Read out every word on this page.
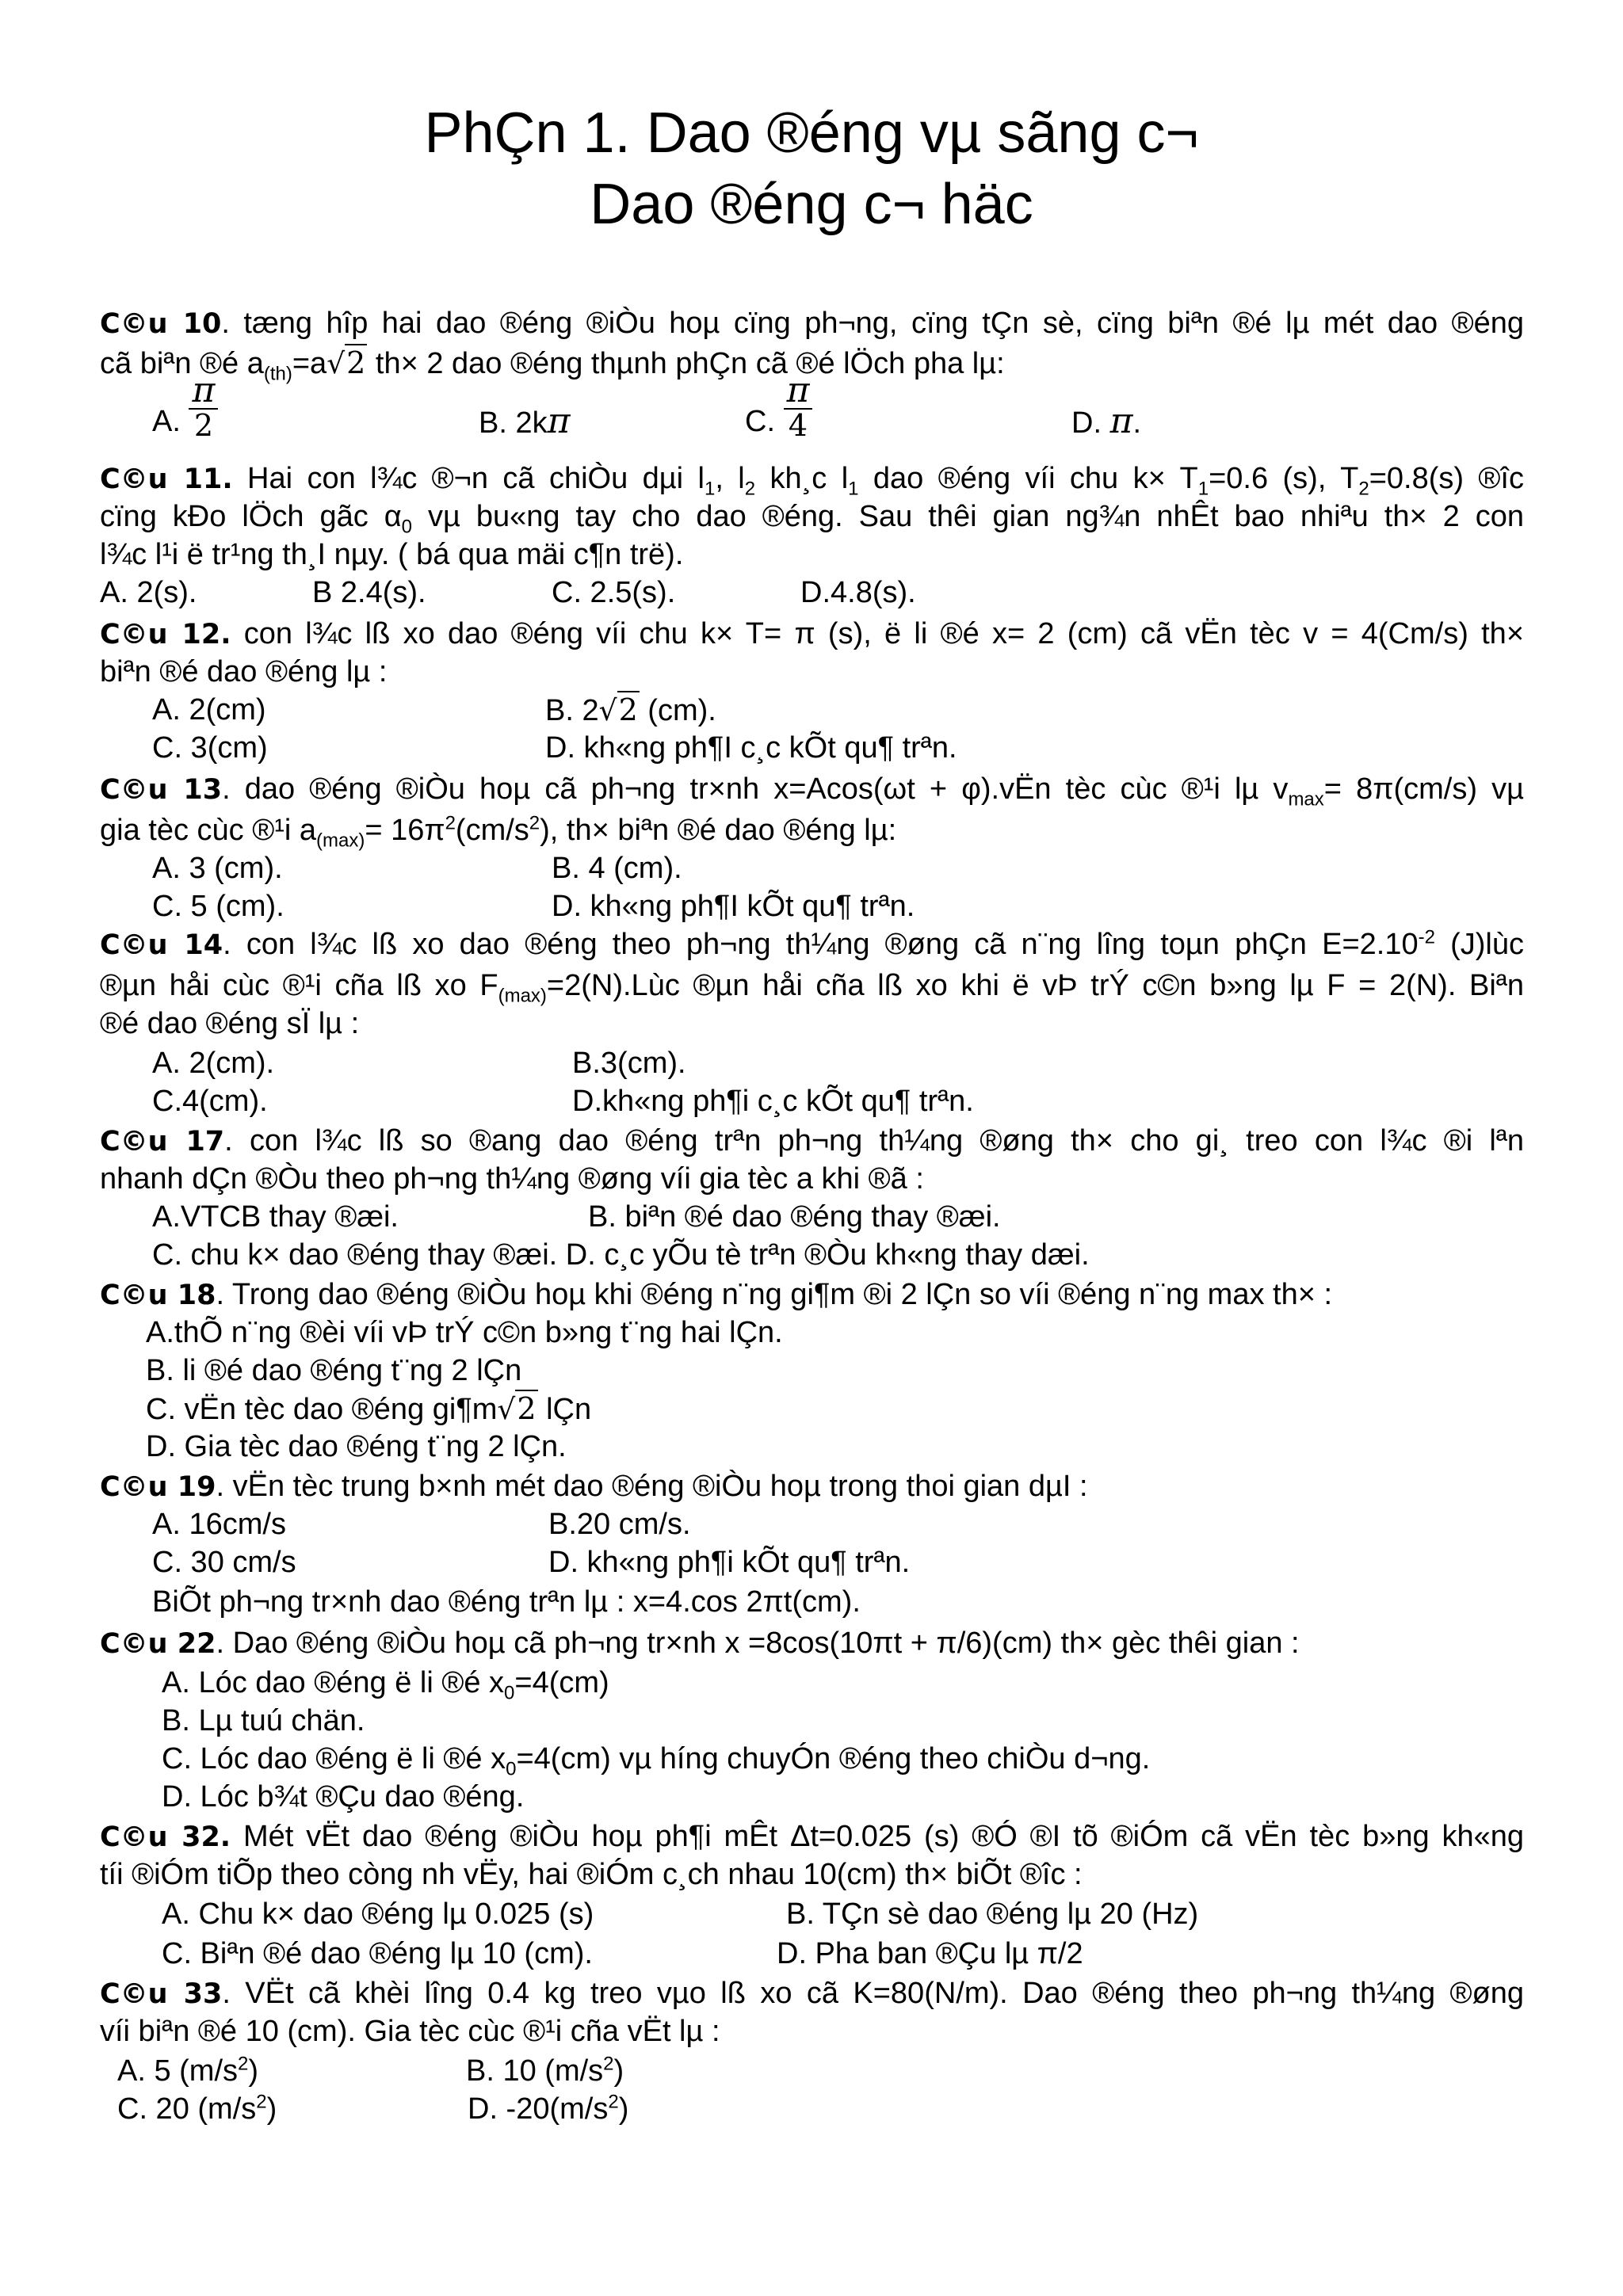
PhÇn 1. Dao ®éng vµ sãng c¬
Dao ®éng c¬ häc
C©u 10. tæng hîp hai dao ®éng ®iÒu hoµ cïng ph¬ng, cïng tÇn sè, cïng biªn ®é lµ mét dao ®éng
cã biªn ®é $a_{(th)}=a√2$ th× 2 dao ®éng thµnh phÇn cã ®é lÖch pha lµ:
A. $\frac{\pi}{2}$	B. 2kπ	C. $\frac{\pi}{4}$	D. π.
C©u 11. Hai con l¾c ®¬n cã chiÒu dµi $l_1$, $l_2$ kh¸c $l_1$ dao ®éng víi chu $k\times T_1=0.6$ (s), $T_2=0.8(s)$ ®îc
cïng kÐo lÖch gãc $\alpha_0$ vµ bu«ng tay cho dao ®éng. Sau thêi gian ng¾n nhÊt bao nhiªu th× 2 con
l¾c l¹i ë tr¹ng th¸I nµy. ( bá qua mäi c¶n trë).
A. 2(s).	B 2.4(s).	C. 2.5(s).	D.4.8(s).
C©u 12. con l¾c lß xo dao ®éng víi chu k× T= π (s), ë li ®é x= 2 (cm) cã vËn tèc v = 4(Cm/s) th×
biªn ®é dao ®éng lµ :
A. 2(cm)	B. 2√2 (cm).
C. 3(cm)	D. kh«ng ph¶I c¸c kÕt qu¶ trªn.
C©u 13. dao ®éng ®iÒu hoµ cã ph¬ng tr×nh x=Acos(ωt + φ).vËn tèc cùc ®¹i lµ $v_{max}= 8\pi(cm/s)$ vµ
gia tèc cùc ®¹i $a_{(max)}= 16\pi^2(cm/s^2)$, th× biªn ®é dao ®éng lµ:
A. 3 (cm).	B. 4 (cm).
C. 5 (cm).	D. kh«ng ph¶I kÕt qu¶ trªn.
C©u 14. con l¾c lß xo dao ®éng theo ph¬ng th¼ng ®øng cã n¨ng lîng toµn phÇn $E=2.10^{-2}$ (J)lùc
®µn håi cùc ®¹i cña lß xo $F_{(max)}=2(N).Lùc$ ®µn håi cña lß xo khi ë vÞ trÝ c©n b»ng lµ F = 2(N). Biªn
®é dao ®éng sÏ lµ :
A. 2(cm).	B.3(cm).
C.4(cm).	D.kh«ng ph¶i c¸c kÕt qu¶ trªn.
C©u 17. con l¾c lß so ®ang dao ®éng trªn ph¬ng th¼ng ®øng th× cho gi¸ treo con l¾c ®i lªn
nhanh dÇn ®Òu theo ph¬ng th¼ng ®øng víi gia tèc a khi ®ã :
A.VTCB thay ®æi.	B. biªn ®é dao ®éng thay ®æi.
C. chu k× dao ®éng thay ®æi. D. c¸c yÕu tè trªn ®Òu kh«ng thay dæi.
C©u 18. Trong dao ®éng ®iÒu hoµ khi ®éng n¨ng gi¶m ®i 2 lÇn so víi ®éng n¨ng max th× :
A.thÕ n¨ng ®èi víi vÞ trÝ c©n b»ng t¨ng hai lÇn.
B. li ®é dao ®éng t¨ng 2 lÇn
C. vËn tèc dao ®éng gi¶m√2 lÇn
D. Gia tèc dao ®éng t¨ng 2 lÇn.
C©u 19. vËn tèc trung b×nh mét dao ®éng ®iÒu hoµ trong thoi gian dµI :
A. 16cm/s	B.20 cm/s.
C. 30 cm/s	D. kh«ng ph¶i kÕt qu¶ trªn.
BiÕt ph¬ng tr×nh dao ®éng trªn lµ : x=4.cos 2πt(cm).
C©u 22. Dao ®éng ®iÒu hoµ cã ph¬ng tr×nh x =8cos(10πt + π/6)(cm) th× gèc thêi gian :
A. Lóc dao ®éng ë li ®é $x_0=4(cm)$
B. Lµ tuú chän.
C. Lóc dao ®éng ë li ®é $x_0=4(cm)$ vµ híng chuyÓn ®éng theo chiÒu d¬ng.
D. Lóc b¾t ®Çu dao ®éng.
C©u 32. Mét vËt dao ®éng ®iÒu hoµ ph¶i mÊt Δt=0.025 (s) ®Ó ®I tõ ®iÓm cã vËn tèc b»ng kh«ng
tíi ®iÓm tiÕp theo còng nh vËy, hai ®iÓm c¸ch nhau 10(cm) th× biÕt ®îc :
A. Chu k× dao ®éng lµ 0.025 (s)	B. TÇn sè dao ®éng lµ 20 (Hz)
C. Biªn ®é dao ®éng lµ 10 (cm).	D. Pha ban ®Çu lµ π/2
C©u 33. VËt cã khèi lîng 0.4 kg treo vµo lß xo cã K=80(N/m). Dao ®éng theo ph¬ng th¼ng ®øng
víi biªn ®é 10 (cm). Gia tèc cùc ®¹i cña vËt lµ :
A. 5 $(m/s^2)$	B. 10 $(m/s^2)$
C. 20 $(m/s^2)$	D. $-20(m/s^2)$
